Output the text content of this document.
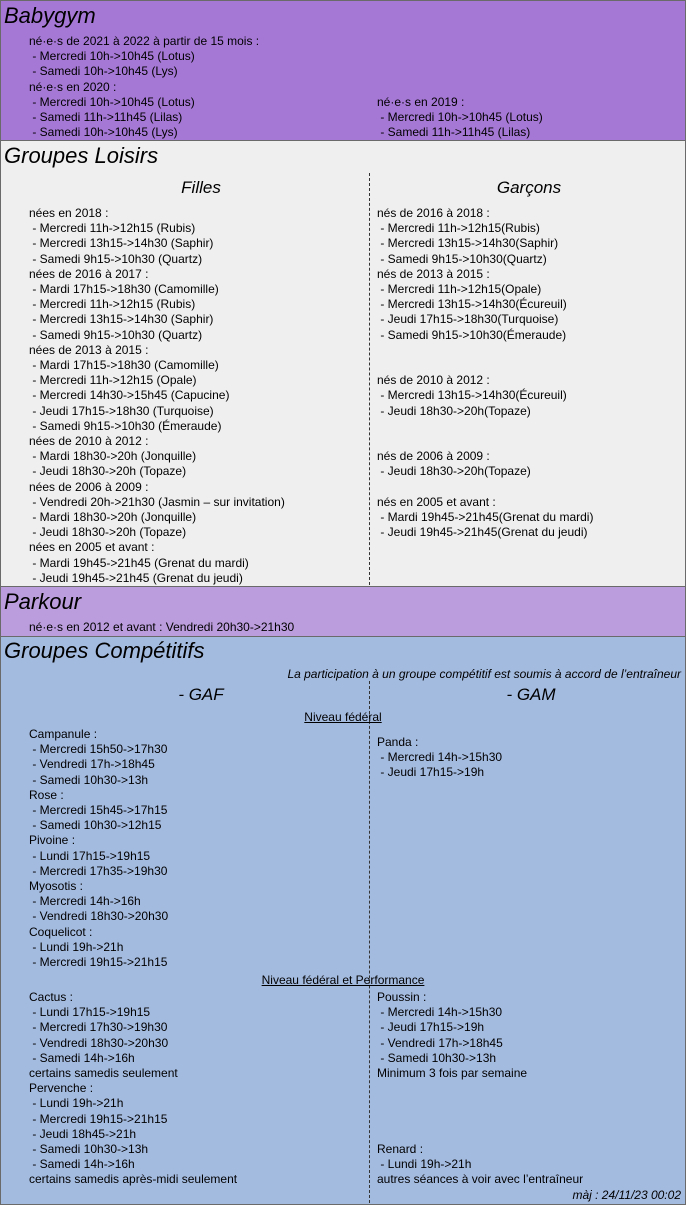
Babygym
né·e·s de 2021 à 2022 à partir de 15 mois :
- Mercredi 10h->10h45 (Lotus)
- Samedi 10h->10h45 (Lys)
né·e·s en 2020 :
- Mercredi 10h->10h45 (Lotus)
- Samedi 11h->11h45 (Lilas)
- Samedi 10h->10h45 (Lys)
né·e·s en 2019 :
- Mercredi 10h->10h45 (Lotus)
- Samedi 11h->11h45 (Lilas)
Groupes Loisirs
Filles	Garçons
nées en 2018 :
- Mercredi 11h->12h15 (Rubis)
- Mercredi 13h15->14h30 (Saphir)
- Samedi 9h15->10h30 (Quartz)
nées de 2016 à 2017 :
- Mardi 17h15->18h30 (Camomille)
- Mercredi 11h->12h15 (Rubis)
- Mercredi 13h15->14h30 (Saphir)
- Samedi 9h15->10h30 (Quartz)
nées de 2013 à 2015 :
- Mardi 17h15->18h30 (Camomille)
- Mercredi 11h->12h15 (Opale)
- Mercredi 14h30->15h45 (Capucine)
- Jeudi 17h15->18h30 (Turquoise)
- Samedi 9h15->10h30 (Émeraude)
nées de 2010 à 2012 :
- Mardi 18h30->20h (Jonquille)
- Jeudi 18h30->20h (Topaze)
nées de 2006 à 2009 :
- Vendredi 20h->21h30 (Jasmin – sur invitation)
- Mardi 18h30->20h (Jonquille)
- Jeudi 18h30->20h (Topaze)
nées en 2005 et avant :
- Mardi 19h45->21h45 (Grenat du mardi)
- Jeudi 19h45->21h45 (Grenat du jeudi)
nés de 2016 à 2018 :
- Mercredi 11h->12h15(Rubis)
- Mercredi 13h15->14h30(Saphir)
- Samedi 9h15->10h30(Quartz)
nés de 2013 à 2015 :
- Mercredi 11h->12h15(Opale)
- Mercredi 13h15->14h30(Écureuil)
- Jeudi 17h15->18h30(Turquoise)
- Samedi 9h15->10h30(Émeraude)

nés de 2010 à 2012 :
- Mercredi 13h15->14h30(Écureuil)
- Jeudi 18h30->20h(Topaze)

nés de 2006 à 2009 :
- Jeudi 18h30->20h(Topaze)

nés en 2005 et avant :
- Mardi 19h45->21h45(Grenat du mardi)
- Jeudi 19h45->21h45(Grenat du jeudi)
Parkour
né·e·s en 2012 et avant : Vendredi 20h30->21h30
Groupes Compétitifs
La participation à un groupe compétitif est soumis à accord de l’entraîneur
- GAF	- GAM
Niveau fédéral
Campanule :
- Mercredi 15h50->17h30
- Vendredi 17h->18h45
- Samedi 10h30->13h
Rose :
- Mercredi 15h45->17h15
- Samedi 10h30->12h15
Pivoine :
- Lundi 17h15->19h15
- Mercredi 17h35->19h30
Myosotis :
- Mercredi 14h->16h
- Vendredi 18h30->20h30
Coquelicot :
- Lundi 19h->21h
- Mercredi 19h15->21h15
Panda :
- Mercredi 14h->15h30
- Jeudi 17h15->19h
Niveau fédéral et Performance
Cactus :
- Lundi 17h15->19h15
- Mercredi 17h30->19h30
- Vendredi 18h30->20h30
- Samedi 14h->16h
certains samedis seulement
Pervenche :
- Lundi 19h->21h
- Mercredi 19h15->21h15
- Jeudi 18h45->21h
- Samedi 10h30->13h
- Samedi 14h->16h
certains samedis après-midi seulement
Poussin :
- Mercredi 14h->15h30
- Jeudi 17h15->19h
- Vendredi 17h->18h45
- Samedi 10h30->13h
Minimum 3 fois par semaine

Renard :
- Lundi 19h->21h
autres séances à voir avec l’entraîneur
màj : 24/11/23 00:02
